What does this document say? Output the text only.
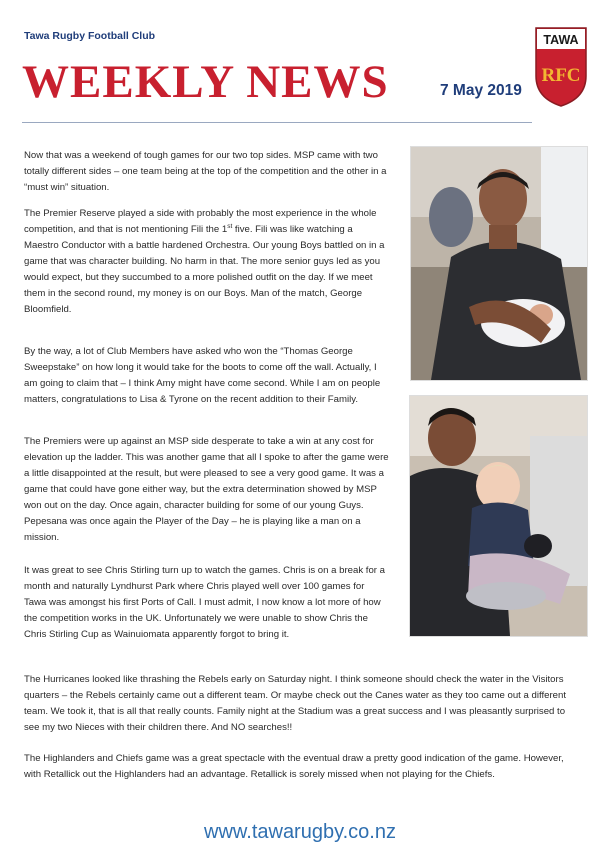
Tawa Rugby Football Club
WEEKLY NEWS	7 May 2019
TAWA
RFC

Now that was a weekend of tough games for our two top sides. MSP came with two totally different sides – one team being at the top of the competition and the other in a “must win” situation.

The Premier Reserve played a side with probably the most experience in the whole competition, and that is not mentioning Fili the 1st five. Fili was like watching a Maestro Conductor with a battle hardened Orchestra. Our young Boys battled on in a game that was character building. No harm in that. The more senior guys led as you would expect, but they succumbed to a more polished outfit on the day. If we meet them in the second round, my money is on our Boys. Man of the match, George Bloomfield.

By the way, a lot of Club Members have asked who won the “Thomas George Sweepstake” on how long it would take for the boots to come off the wall. Actually, I am going to claim that – I think Amy might have come second. While I am on people matters, congratulations to Lisa & Tyrone on the recent addition to their Family.

The Premiers were up against an MSP side desperate to take a win at any cost for elevation up the ladder. This was another game that all I spoke to after the game were a little disappointed at the result, but were pleased to see a very good game. It was a game that could have gone either way, but the extra determination showed by MSP won out on the day. Once again, character building for some of our young Guys. Pepesana was once again the Player of the Day – he is playing like a man on a mission.

It was great to see Chris Stirling turn up to watch the games. Chris is on a break for a month and naturally Lyndhurst Park where Chris played well over 100 games for Tawa was amongst his first Ports of Call. I must admit, I now know a lot more of how the competition works in the UK. Unfortunately we were unable to show Chris the Chris Stirling Cup as Wainuiomata apparently forgot to bring it.

The Hurricanes looked like thrashing the Rebels early on Saturday night. I think someone should check the water in the Visitors quarters – the Rebels certainly came out a different team. Or maybe check out the Canes water as they too came out a different team. We took it, that is all that really counts. Family night at the Stadium was a great success and I was pleasantly surprised to see my two Nieces with their children there. And NO searches!!

The Highlanders and Chiefs game was a great spectacle with the eventual draw a pretty good indication of the game. However, with Retallick out the Highlanders had an advantage. Retallick is sorely missed when not playing for the Chiefs.

www.tawarugby.co.nz
